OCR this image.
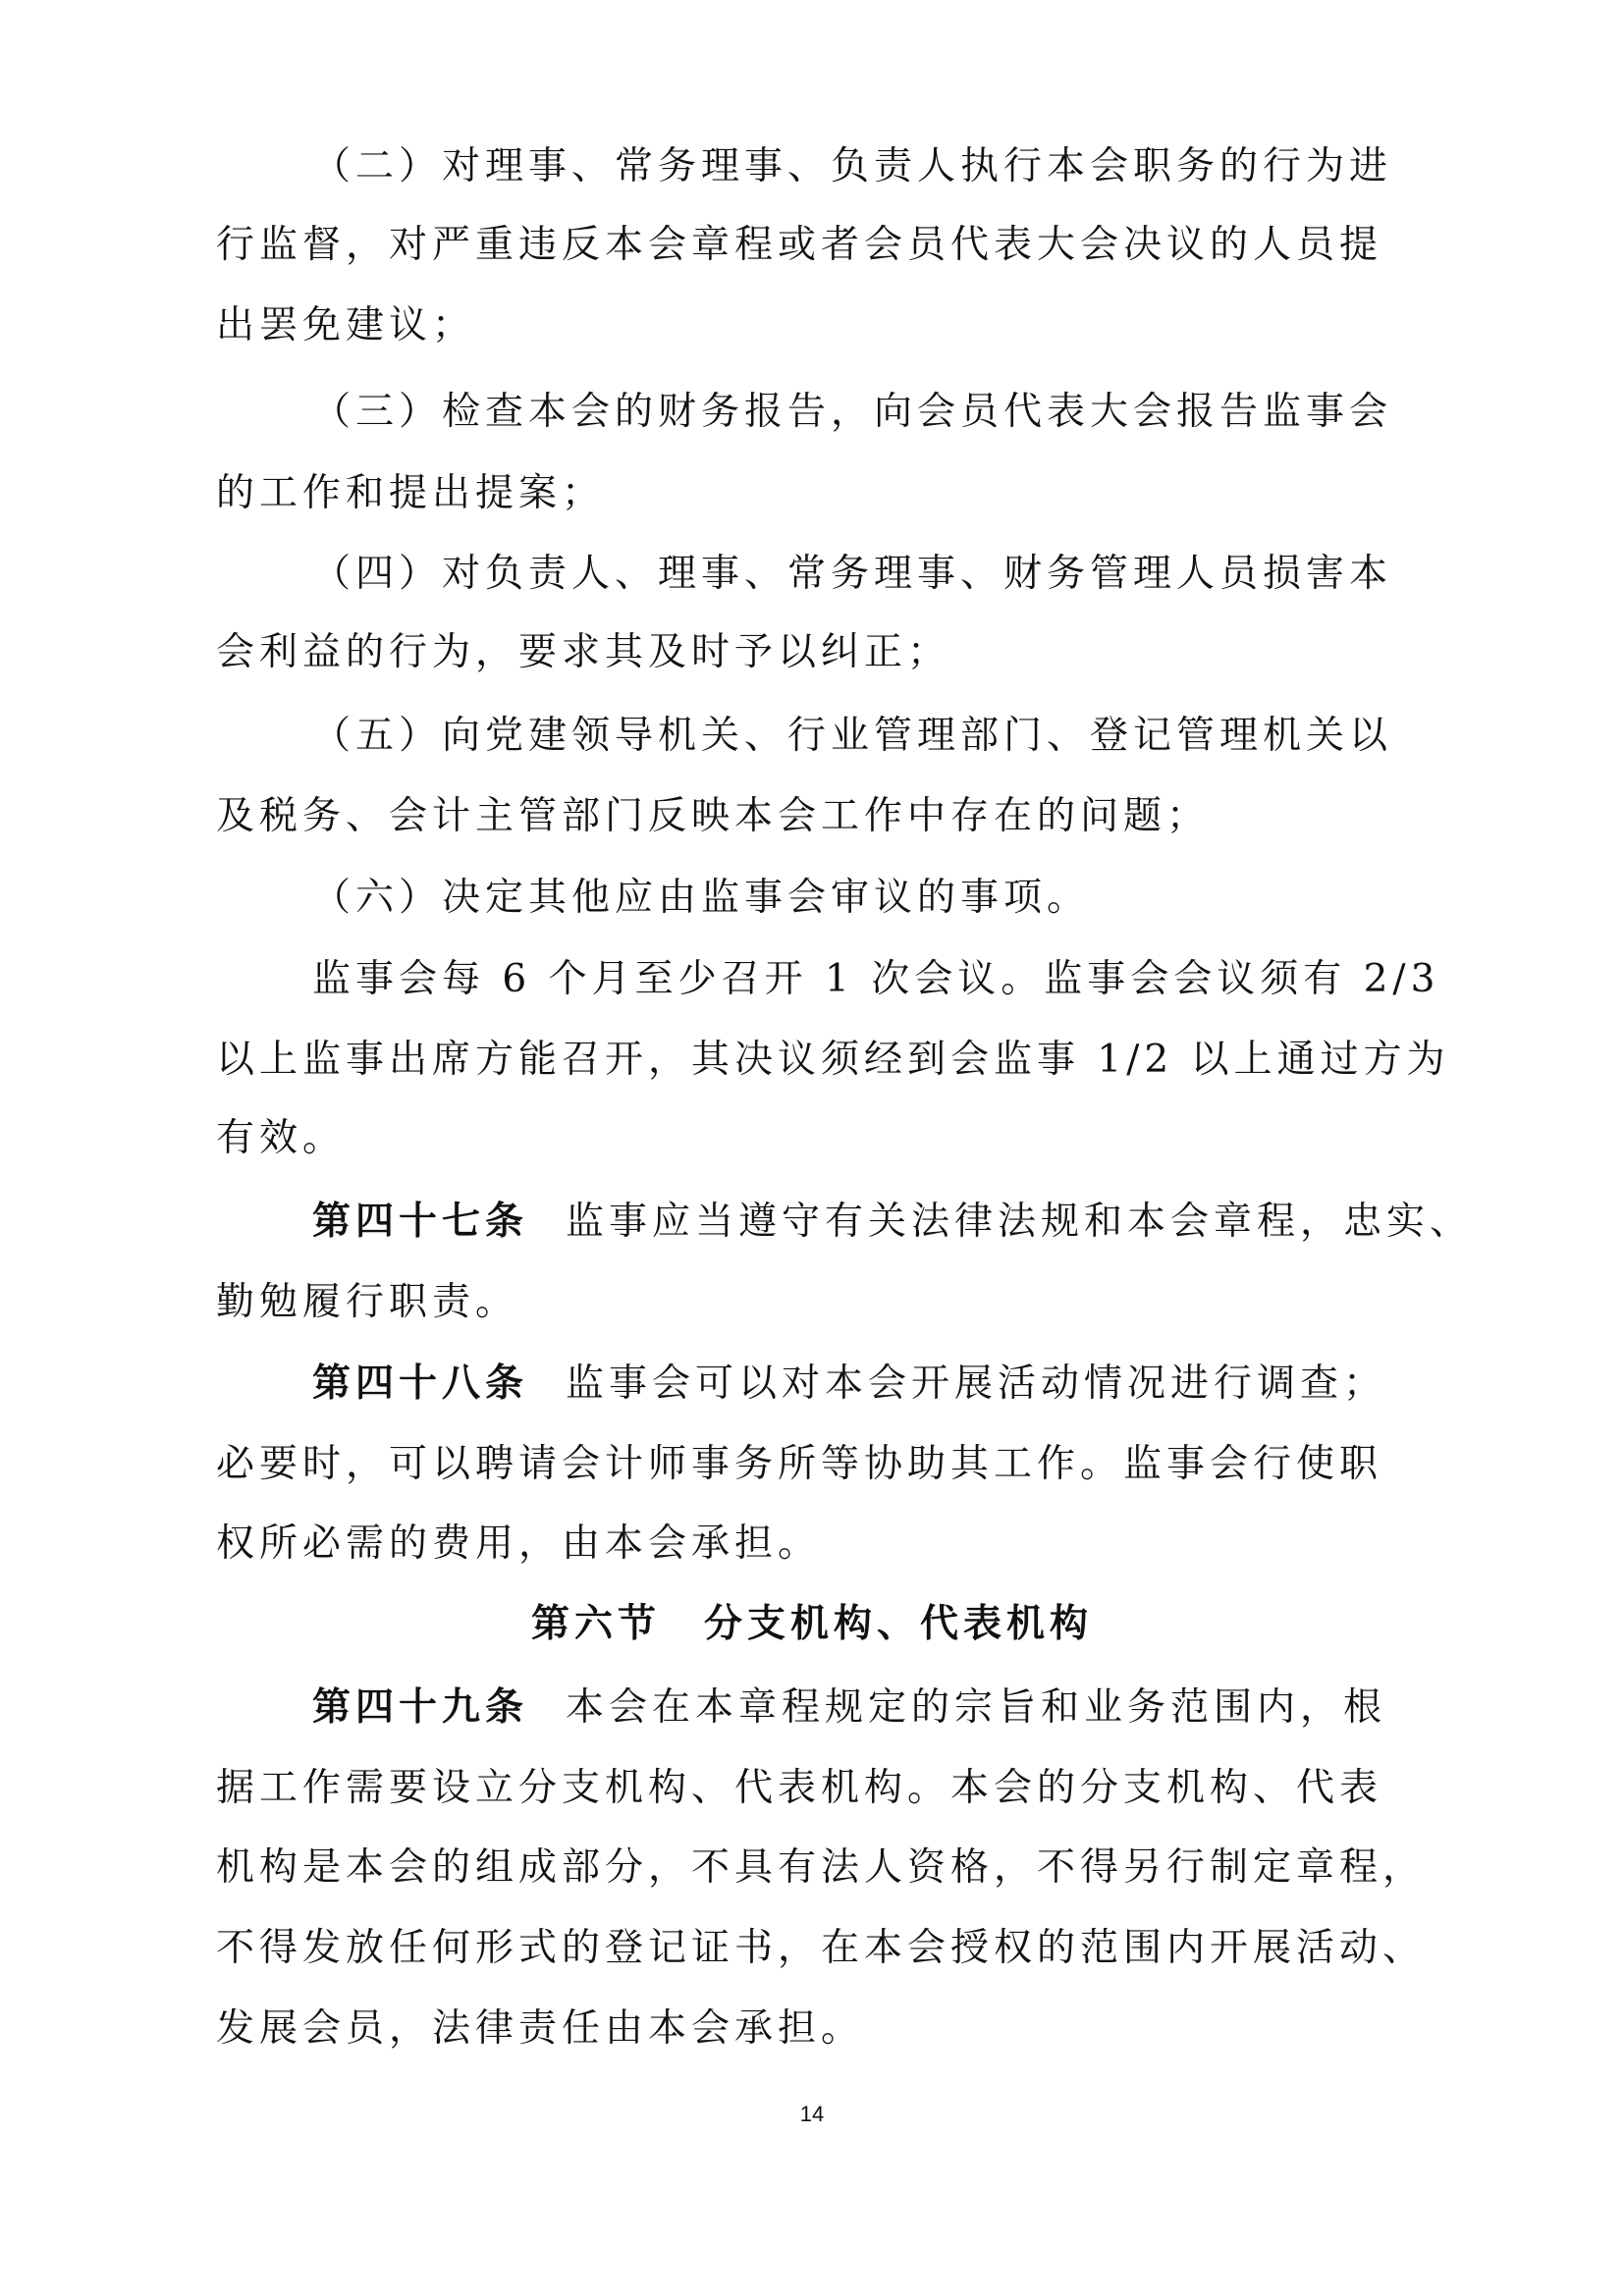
（二）对理事、常务理事、负责人执行本会职务的行为进
行监督，对严重违反本会章程或者会员代表大会决议的人员提
出罢免建议；
（三）检查本会的财务报告，向会员代表大会报告监事会
的工作和提出提案；
（四）对负责人、理事、常务理事、财务管理人员损害本
会利益的行为，要求其及时予以纠正；
（五）向党建领导机关、行业管理部门、登记管理机关以
及税务、会计主管部门反映本会工作中存在的问题；
（六）决定其他应由监事会审议的事项。
监事会每 6 个月至少召开 1 次会议。监事会会议须有 2/3
以上监事出席方能召开，其决议须经到会监事 1/2 以上通过方为
有效。
第四十七条 监事应当遵守有关法律法规和本会章程，忠实、
勤勉履行职责。
第四十八条 监事会可以对本会开展活动情况进行调查；
必要时，可以聘请会计师事务所等协助其工作。监事会行使职
权所必需的费用，由本会承担。
第六节　分支机构、代表机构
第四十九条 本会在本章程规定的宗旨和业务范围内，根
据工作需要设立分支机构、代表机构。本会的分支机构、代表
机构是本会的组成部分，不具有法人资格，不得另行制定章程，
不得发放任何形式的登记证书，在本会授权的范围内开展活动、
发展会员，法律责任由本会承担。
14
